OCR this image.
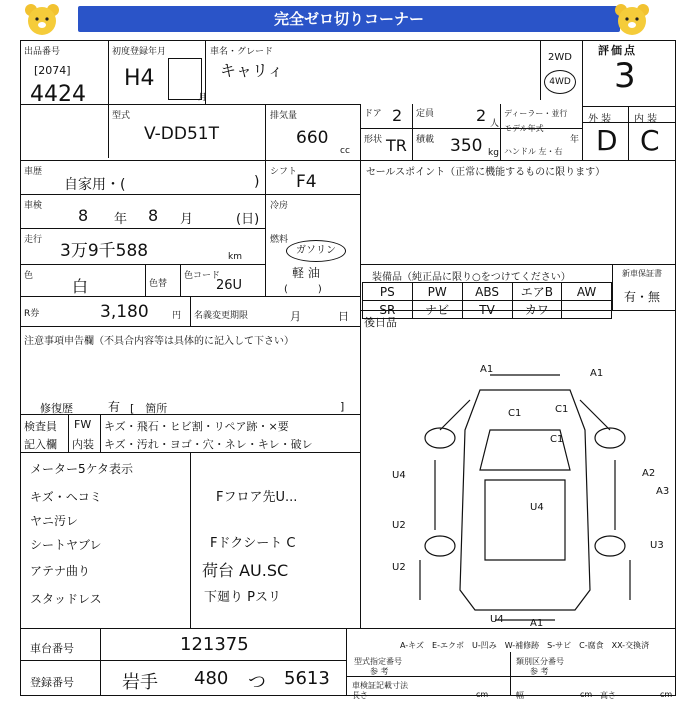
完全ゼロ切りコーナー
出品番号
[2074]
4424
初度登録年月
H4
月
車名・グレード
キャリィ
2WD
4WD
評価点
3
外 装 内 装
D C
型式
V-DD51T
排気量
660
cc
ドア 2 定員	2 人
ディーラー・並行
形状 TR 積載 350 kg
モデル年式
年
ハンドル 左・右
車歴
自家用・(	)
シフト
F4
車検 8 年 8 月	(日)
冷房
走行
3万9千588	km
燃料
ガソリン
軽 油
(　　　)
色
白	色替
色コード
26U
R券	3,180	円 名義変更期限	月	日
注意事項申告欄（不具合内容等は具体的に記入して下さい）
修復歴	有 [　箇所	]
セールスポイント（正常に機能するものに限ります）
装備品（純正品に限り○をつけてください）
PS	PW	ABS	エアB	AW
SR	ナビ	TV	カワ	
新車保証書
有・無
後日品
検査員
記入欄
FW
内装
キズ・飛石・ヒビ割・リペア跡・×要
キズ・汚れ・ヨゴ・穴・ネレ・キレ・破レ
メーター5ケタ表示
キズ・ヘコミ
ヤニ汚レ
シートヤブレ
アテナ曲り
スタッドレス
Fフロア先U...
Fドクシート C
荷台 AU.SC
下廻り Pスリ
A1	A1
C1	C1
C1
U4
U4
U2
A2
A3
U3
U2
U4	A1
A-キズ　E-エクボ　U-凹み　W-補修跡　S-サビ　C-腐食　XX-交換済
車台番号	121375
登録番号	岩手 480 つ 5613
型式指定番号
参 考
類別区分番号
参 考
車検証記載寸法
長さ	cm	幅	cm 高さ	cm
